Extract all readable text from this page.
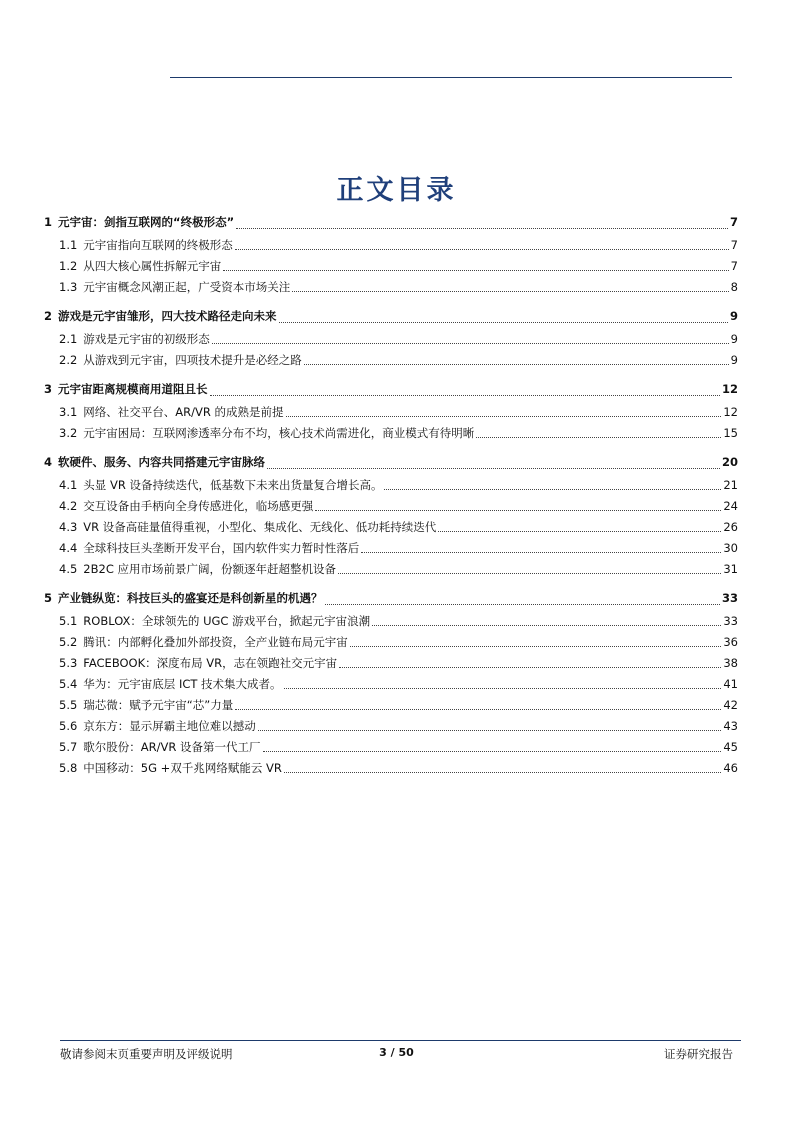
正文目录
1 元宇宙：剑指互联网的“终极形态”	7
1.1 元宇宙指向互联网的终极形态	7
1.2 从四大核心属性拆解元宇宙	7
1.3 元宇宙概念风潮正起，广受资本市场关注	8
2 游戏是元宇宙雏形，四大技术路径走向未来	9
2.1 游戏是元宇宙的初级形态	9
2.2 从游戏到元宇宙，四项技术提升是必经之路	9
3 元宇宙距离规模商用道阻且长	12
3.1 网络、社交平台、AR/VR 的成熟是前提	12
3.2 元宇宙困局：互联网渗透率分布不均，核心技术尚需进化，商业模式有待明晰	15
4 软硬件、服务、内容共同搭建元宇宙脉络	20
4.1 头显 VR 设备持续迭代，低基数下未来出货量复合增长高。	21
4.2 交互设备由手柄向全身传感进化，临场感更强	24
4.3 VR 设备高硅量值得重视，小型化、集成化、无线化、低功耗持续迭代	26
4.4 全球科技巨头垄断开发平台，国内软件实力暂时性落后	30
4.5 2B2C 应用市场前景广阔，份额逐年赶超整机设备	31
5 产业链纵览：科技巨头的盛宴还是科创新星的机遇？	33
5.1 ROBLOX：全球领先的 UGC 游戏平台，掀起元宇宙浪潮	33
5.2 腾讯：内部孵化叠加外部投资，全产业链布局元宇宙	36
5.3 FACEBOOK：深度布局 VR，志在领跑社交元宇宙	38
5.4 华为：元宇宙底层 ICT 技术集大成者。	41
5.5 瑞芯微：赋予元宇宙“芯”力量	42
5.6 京东方：显示屏霸主地位难以撼动	43
5.7 歌尔股份：AR/VR 设备第一代工厂	45
5.8 中国移动：5G +双千兆网络赋能云 VR	46
敬请参阅末页重要声明及评级说明	3 / 50	证券研究报告
